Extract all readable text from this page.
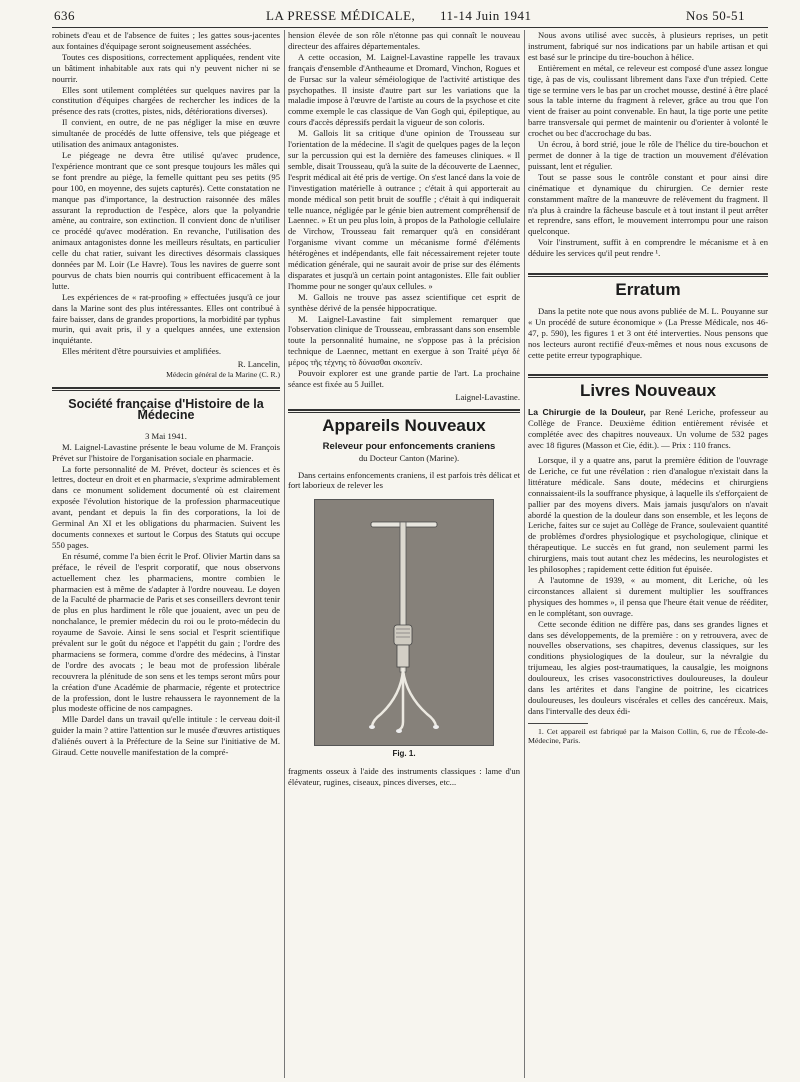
636	LA PRESSE MÉDICALE, 11-14 Juin 1941	Nos 50-51

robinets d'eau et de l'absence de fuites ; les gattes sous-jacentes aux fontaines d'équipage seront soigneusement asséchées.

Toutes ces dispositions, correctement appliquées, rendent vite un bâtiment inhabitable aux rats qui n'y peuvent nicher ni se nourrir.

Elles sont utilement complétées sur quelques navires par la constitution d'équipes chargées de rechercher les indices de la présence des rats (crottes, pistes, nids, détériorations diverses).

Il convient, en outre, de ne pas négliger la mise en œuvre simultanée de procédés de lutte offensive, tels que piégeage et utilisation des animaux antagonistes.

Le piégeage ne devra être utilisé qu'avec prudence, l'expérience montrant que ce sont presque toujours les mâles qui se font prendre au piège, la femelle quittant peu ses petits (95 pour 100, en moyenne, des sujets capturés). Cette constatation ne manque pas d'importance, la destruction raisonnée des mâles assurant la reproduction de l'espèce, alors que la polyandrie amène, au contraire, son extinction. Il convient donc de n'utiliser ce procédé qu'avec modération. En revanche, l'utilisation des animaux antagonistes donne les meilleurs résultats, en particulier celle du chat ratier, suivant les directives désormais classiques données par M. Loir (Le Havre). Tous les navires de guerre sont pourvus de chats bien nourris qui contribuent efficacement à la lutte.

Les expériences de « rat-proofing » effectuées jusqu'à ce jour dans la Marine sont des plus intéressantes. Elles ont contribué à faire baisser, dans de grandes proportions, la morbidité par typhus murin, qui avait pris, il y a quelques années, une extension inquiétante.

Elles méritent d'être poursuivies et amplifiées.

R. Lancelin,

Médecin général de la Marine (C. R.)

Société française d'Histoire de la Médecine

3 Mai 1941.

M. Laignel-Lavastine présente le beau volume de M. François Prévet sur l'histoire de l'organisation sociale en pharmacie.

La forte personnalité de M. Prévet, docteur ès sciences et ès lettres, docteur en droit et en pharmacie, s'exprime admirablement dans ce monument solidement documenté où est clairement exposée l'évolution historique de la profession pharmaceutique avant, pendant et depuis la fin des corporations, la loi de Germinal An XI et les obligations du pharmacien. Suivent les documents connexes et surtout le Corpus des Statuts qui occupe 550 pages.

En résumé, comme l'a bien écrit le Prof. Olivier Martin dans sa préface, le réveil de l'esprit corporatif, que nous observons actuellement chez les pharmaciens, montre combien le pharmacien est à même de s'adapter à l'ordre nouveau. Le doyen de la Faculté de pharmacie de Paris et ses conseillers devront tenir de plus en plus hardiment le rôle que jouaient, avec un peu de nonchalance, le premier médecin du roi ou le proto-médecin du royaume de Savoie. Ainsi le sens social et l'esprit scientifique prévalent sur le goût du négoce et l'appétit du gain ; l'ordre des pharmaciens se formera, comme d'ordre des médecins, à l'instar de l'ordre des avocats ; le beau mot de profession libérale recouvrera la plénitude de son sens et les temps seront mûrs pour la création d'une Académie de pharmacie, régente et protectrice de la profession, dont le lustre rehaussera le rayonnement de la plus modeste officine de nos campagnes.

Mlle Dardel dans un travail qu'elle intitule : le cerveau doit-il guider la main ? attire l'attention sur le musée d'œuvres artistiques d'aliénés ouvert à la Préfecture de la Seine sur l'initiative de M. Giraud. Cette nouvelle manifestation de la compré-

hension élevée de son rôle n'étonne pas qui connaît le nouveau directeur des affaires départementales.

A cette occasion, M. Laignel-Lavastine rappelle les travaux français d'ensemble d'Antheaume et Dromard, Vinchon, Rogues et de Fursac sur la valeur séméiologique de l'activité artistique des psychopathes. Il insiste d'autre part sur les variations que la maladie impose à l'œuvre de l'artiste au cours de la psychose et cite comme exemple le cas classique de Van Gogh qui, épileptique, au cours d'accès dépressifs perdait la vigueur de son coloris.

M. Gallois lit sa critique d'une opinion de Trousseau sur l'orientation de la médecine. Il s'agit de quelques pages de la leçon sur la percussion qui est la dernière des fameuses cliniques. « Il semble, disait Trousseau, qu'à la suite de la découverte de Laennec, l'esprit médical ait été pris de vertige. On s'est lancé dans la voie de l'investigation matérielle à outrance ; c'était à qui apporterait au monde médical son petit bruit de souffle ; c'était à qui indiquerait telle nuance, négligée par le génie bien autrement compréhensif de Laennec. » Et un peu plus loin, à propos de la Pathologie cellulaire de Virchow, Trousseau fait remarquer qu'à en considérant l'organisme vivant comme un mécanisme formé d'éléments hétérogènes et indépendants, elle fait nécessairement rejeter toute médication générale, qui ne saurait avoir de prise sur des éléments disparates et jusqu'à un certain point antagonistes. Elle fait oublier l'homme pour ne songer qu'aux cellules. »

M. Gallois ne trouve pas assez scientifique cet esprit de synthèse dérivé de la pensée hippocratique.

M. Laignel-Lavastine fait simplement remarquer que l'observation clinique de Trousseau, embrassant dans son ensemble toute la personnalité humaine, ne s'oppose pas à la précision technique de Laennec, mettant en exergue à son Traité μέγα δὲ μέρος τῆς τέχνης τὸ δύνασθαι σκοπεῖν.

Pouvoir explorer est une grande partie de l'art. La prochaine séance est fixée au 5 Juillet.

Laignel-Lavastine.

Appareils Nouveaux

Releveur pour enfoncements craniens

du Docteur Canton (Marine).

Dans certains enfoncements craniens, il est parfois très délicat et fort laborieux de relever les

Fig. 1.

fragments osseux à l'aide des instruments classiques : lame d'un élévateur, rugines, ciseaux, pinces diverses, etc...

Nous avons utilisé avec succès, à plusieurs reprises, un petit instrument, fabriqué sur nos indications par un habile artisan et qui est basé sur le principe du tire-bouchon à hélice.

Entièrement en métal, ce releveur est composé d'une assez longue tige, à pas de vis, coulissant librement dans l'axe d'un trépied. Cette tige se termine vers le bas par un crochet mousse, destiné à être placé sous la table interne du fragment à relever, grâce au trou que l'on vient de fraiser au point convenable. En haut, la tige porte une petite barre transversale qui permet de maintenir ou d'orienter à volonté le crochet ou bec d'accrochage du bas.

Un écrou, à bord strié, joue le rôle de l'hélice du tire-bouchon et permet de donner à la tige de traction un mouvement d'élévation puissant, lent et régulier.

Tout se passe sous le contrôle constant et pour ainsi dire cinématique et dynamique du chirurgien. Ce dernier reste constamment maître de la manœuvre de relèvement du fragment. Il n'a plus à craindre la fâcheuse bascule et à tout instant il peut arrêter et reprendre, sans effort, le mouvement interrompu pour une raison quelconque.

Voir l'instrument, suffit à en comprendre le mécanisme et à en déduire les services qu'il peut rendre ¹.

Erratum

Dans la petite note que nous avons publiée de M. L. Pouyanne sur « Un procédé de suture économique » (La Presse Médicale, nos 46-47, p. 590), les figures 1 et 3 ont été interverties. Nous pensons que nos lecteurs auront rectifié d'eux-mêmes et nous nous excusons de cette petite erreur typographique.

Livres Nouveaux

La Chirurgie de la Douleur, par René Leriche, professeur au Collège de France. Deuxième édition entièrement révisée et complétée avec des chapitres nouveaux. Un volume de 532 pages avec 18 figures (Masson et Cie, édit.). — Prix : 110 francs.

Lorsque, il y a quatre ans, parut la première édition de l'ouvrage de Leriche, ce fut une révélation : rien d'analogue n'existait dans la littérature médicale. Sans doute, médecins et chirurgiens connaissaient-ils la souffrance physique, à laquelle ils s'efforçaient de pallier par des moyens divers. Mais jamais jusqu'alors on n'avait abordé la question de la douleur dans son ensemble, et les leçons de Leriche, faites sur ce sujet au Collège de France, soulevaient quantité de problèmes d'ordres physiologique et psychologique, clinique et thérapeutique. Le succès en fut grand, non seulement parmi les chirurgiens, mais tout autant chez les médecins, les neurologistes et les philosophes ; rapidement cette édition fut épuisée.

A l'automne de 1939, « au moment, dit Leriche, où les circonstances allaient si durement multiplier les souffrances physiques des hommes », il pensa que l'heure était venue de rééditer, en le complétant, son ouvrage.

Cette seconde édition ne diffère pas, dans ses grandes lignes et dans ses développements, de la première : on y retrouvera, avec de nouvelles observations, ses chapitres, devenus classiques, sur les conditions physiologiques de la douleur, sur la névralgie du trijumeau, les algies post-traumatiques, la causalgie, les moignons douloureux, les crises vasoconstrictives douloureuses, la douleur dans les artérites et dans l'angine de poitrine, les cicatrices douloureuses, les douleurs viscérales et celles des cancéreux. Mais, dans l'intervalle des deux édi-

1. Cet appareil est fabriqué par la Maison Collin, 6, rue de l'École-de-Médecine, Paris.
